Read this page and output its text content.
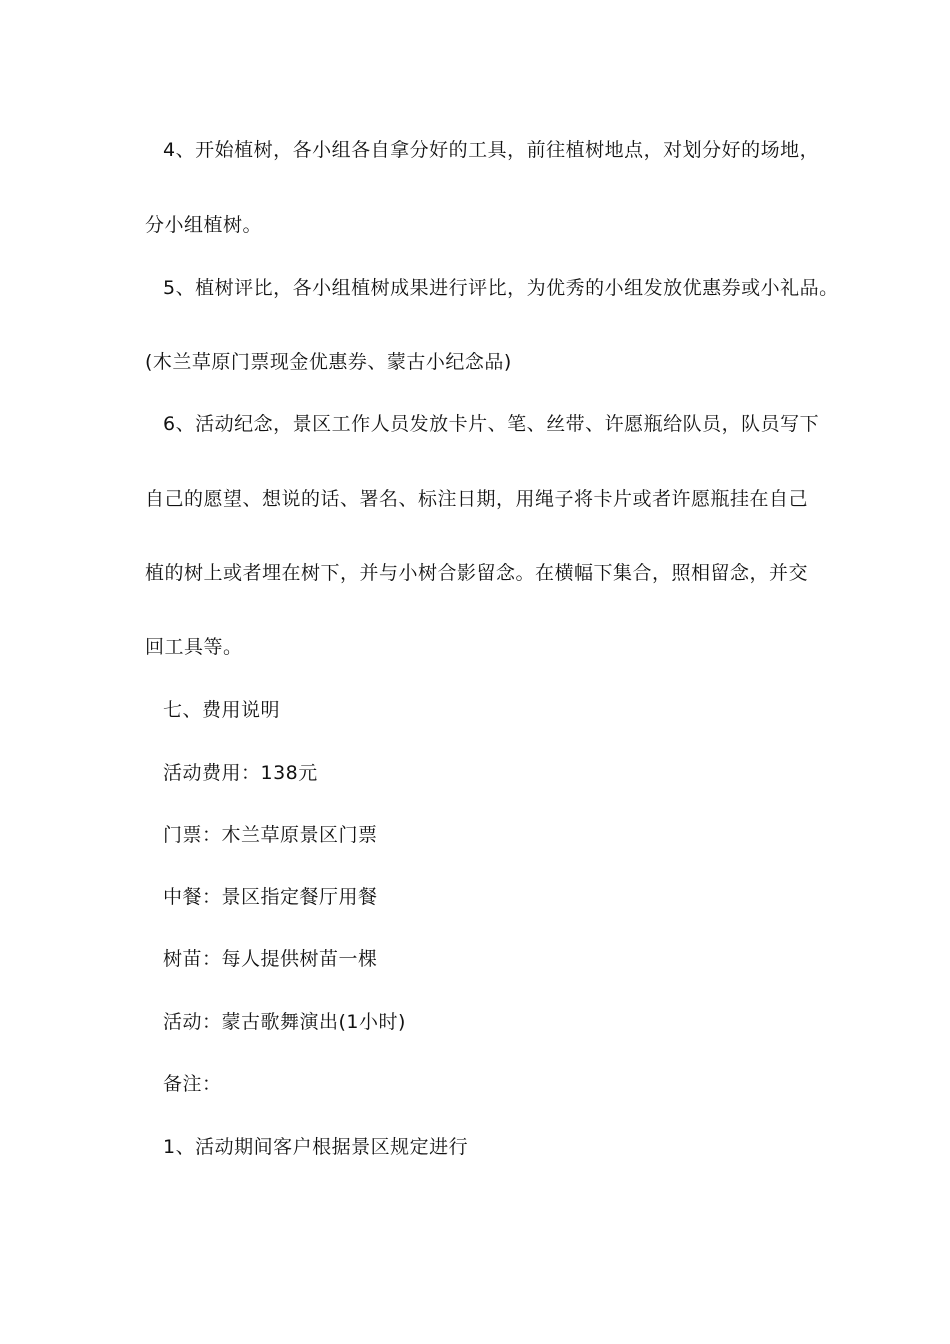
4、开始植树，各小组各自拿分好的工具，前往植树地点，对划分好的场地，
分小组植树。
5、植树评比，各小组植树成果进行评比，为优秀的小组发放优惠券或小礼品。
(木兰草原门票现金优惠券、蒙古小纪念品)
6、活动纪念，景区工作人员发放卡片、笔、丝带、许愿瓶给队员，队员写下
自己的愿望、想说的话、署名、标注日期，用绳子将卡片或者许愿瓶挂在自己
植的树上或者埋在树下，并与小树合影留念。在横幅下集合，照相留念，并交
回工具等。
七、费用说明
活动费用：138元
门票：木兰草原景区门票
中餐：景区指定餐厅用餐
树苗：每人提供树苗一棵
活动：蒙古歌舞演出(1小时)
备注：
1、活动期间客户根据景区规定进行
